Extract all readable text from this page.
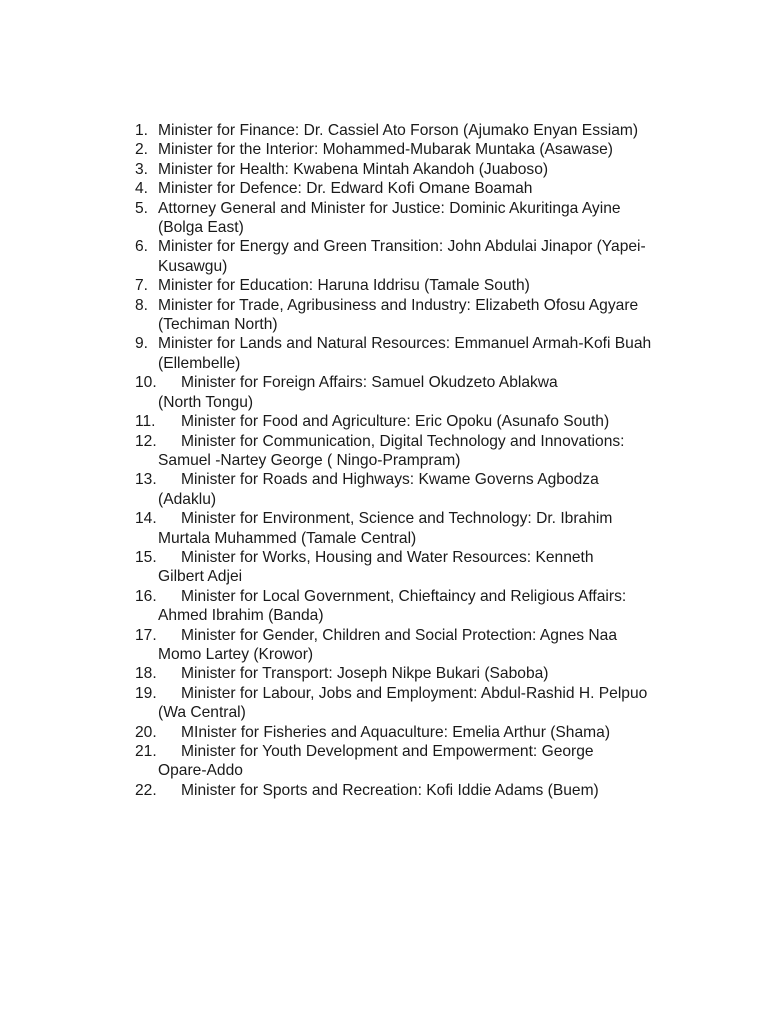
1. Minister for Finance: Dr. Cassiel Ato Forson (Ajumako Enyan Essiam)
2. Minister for the Interior: Mohammed-Mubarak Muntaka (Asawase)
3. Minister for Health: Kwabena Mintah Akandoh (Juaboso)
4. Minister for Defence: Dr. Edward Kofi Omane Boamah
5. Attorney General and Minister for Justice: Dominic Akuritinga Ayine
(Bolga East)
6. Minister for Energy and Green Transition: John Abdulai Jinapor (Yapei-
Kusawgu)
7. Minister for Education: Haruna Iddrisu (Tamale South)
8. Minister for Trade, Agribusiness and Industry: Elizabeth Ofosu Agyare
(Techiman North)
9. Minister for Lands and Natural Resources: Emmanuel Armah-Kofi Buah
(Ellembelle)
10.	Minister for Foreign Affairs: Samuel Okudzeto Ablakwa
(North Tongu)
11.	Minister for Food and Agriculture: Eric Opoku (Asunafo South)
12.	Minister for Communication, Digital Technology and Innovations:
Samuel -Nartey George ( Ningo-Prampram)
13.	Minister for Roads and Highways: Kwame Governs Agbodza
(Adaklu)
14.	Minister for Environment, Science and Technology: Dr. Ibrahim
Murtala Muhammed (Tamale Central)
15.	Minister for Works, Housing and Water Resources: Kenneth
Gilbert Adjei
16.	Minister for Local Government, Chieftaincy and Religious Affairs:
Ahmed Ibrahim (Banda)
17.	Minister for Gender, Children and Social Protection: Agnes Naa
Momo Lartey (Krowor)
18.	Minister for Transport: Joseph Nikpe Bukari (Saboba)
19.	Minister for Labour, Jobs and Employment: Abdul-Rashid H. Pelpuo
(Wa Central)
20.	MInister for Fisheries and Aquaculture: Emelia Arthur (Shama)
21.	Minister for Youth Development and Empowerment: George
Opare-Addo
22.	Minister for Sports and Recreation: Kofi Iddie Adams (Buem)
